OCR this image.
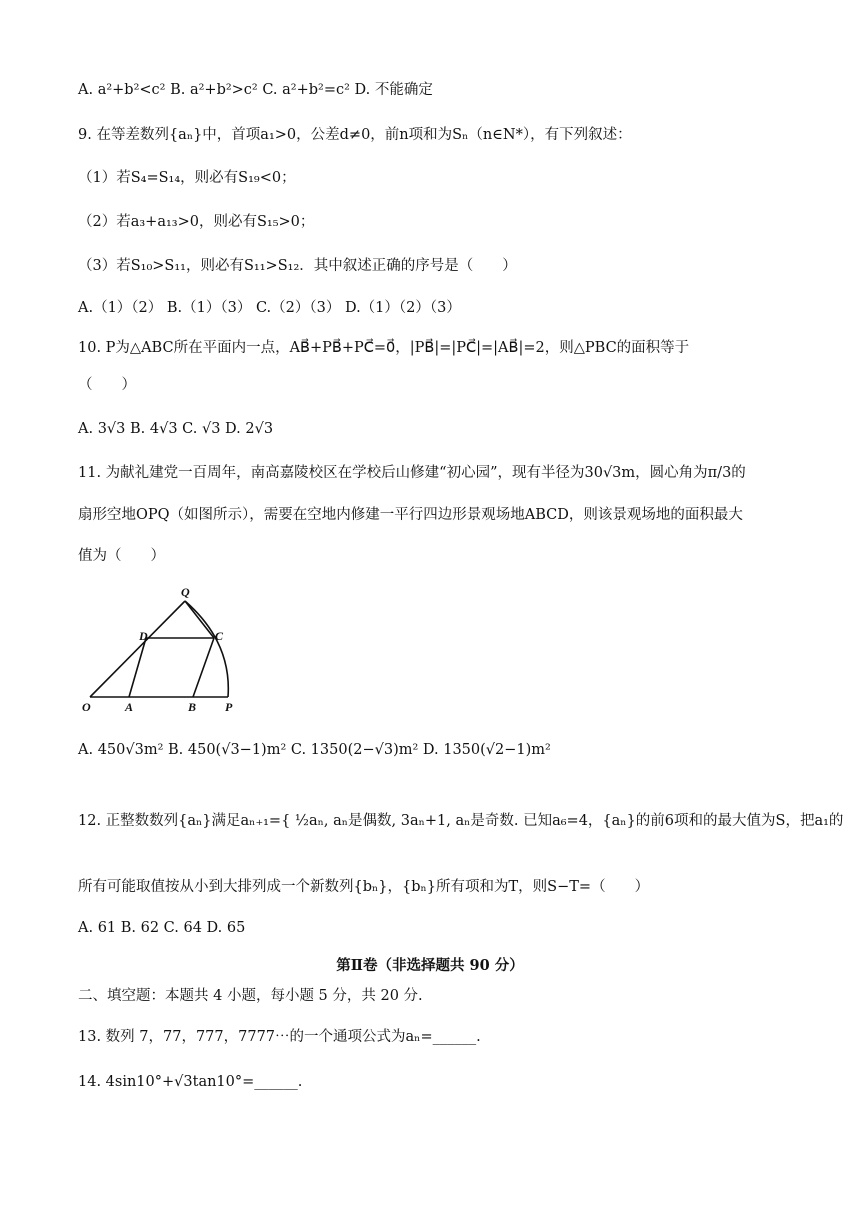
A. a²+b²<c² B. a²+b²>c² C. a²+b²=c² D. 不能确定
9. 在等差数列{aₙ}中，首项a₁>0，公差d≠0，前n项和为Sₙ（n∈N*），有下列叙述：
（1）若S₄=S₁₄，则必有S₁₉<0；
（2）若a₃+a₁₃>0，则必有S₁₅>0；
（3）若S₁₀>S₁₁，则必有S₁₁>S₁₂．其中叙述正确的序号是（　　）
A.（1）（2） B.（1）（3） C.（2）（3） D.（1）（2）（3）
10. P为△ABC所在平面内一点，AB⃗+PB⃗+PC⃗=0⃗，|PB⃗|=|PC⃗|=|AB⃗|=2，则△PBC的面积等于
（　　）
A. 3√3 B. 4√3 C. √3 D. 2√3
11. 为献礼建党一百周年，南高嘉陵校区在学校后山修建“初心园”，现有半径为30√3m，圆心角为π/3的
扇形空地OPQ（如图所示），需要在空地内修建一平行四边形景观场地ABCD，则该景观场地的面积最大
值为（　　）
O	A	B P
D	C
Q
A. 450√3m² B. 450(√3−1)m² C. 1350(2−√3)m² D. 1350(√2−1)m²
12. 正整数数列{aₙ}满足aₙ₊₁={ ½aₙ, aₙ是偶数, 3aₙ+1, aₙ是奇数. 已知a₆=4，{aₙ}的前6项和的最大值为S，把a₁的
所有可能取值按从小到大排列成一个新数列{bₙ}，{bₙ}所有项和为T，则S−T=（　　）
A. 61 B. 62 C. 64 D. 65
第Ⅱ卷（非选择题共 90 分）
二、填空题：本题共 4 小题，每小题 5 分，共 20 分.
13. 数列 7，77，777，7777⋯的一个通项公式为aₙ=______.
14. 4sin10°+√3tan10°=______.
